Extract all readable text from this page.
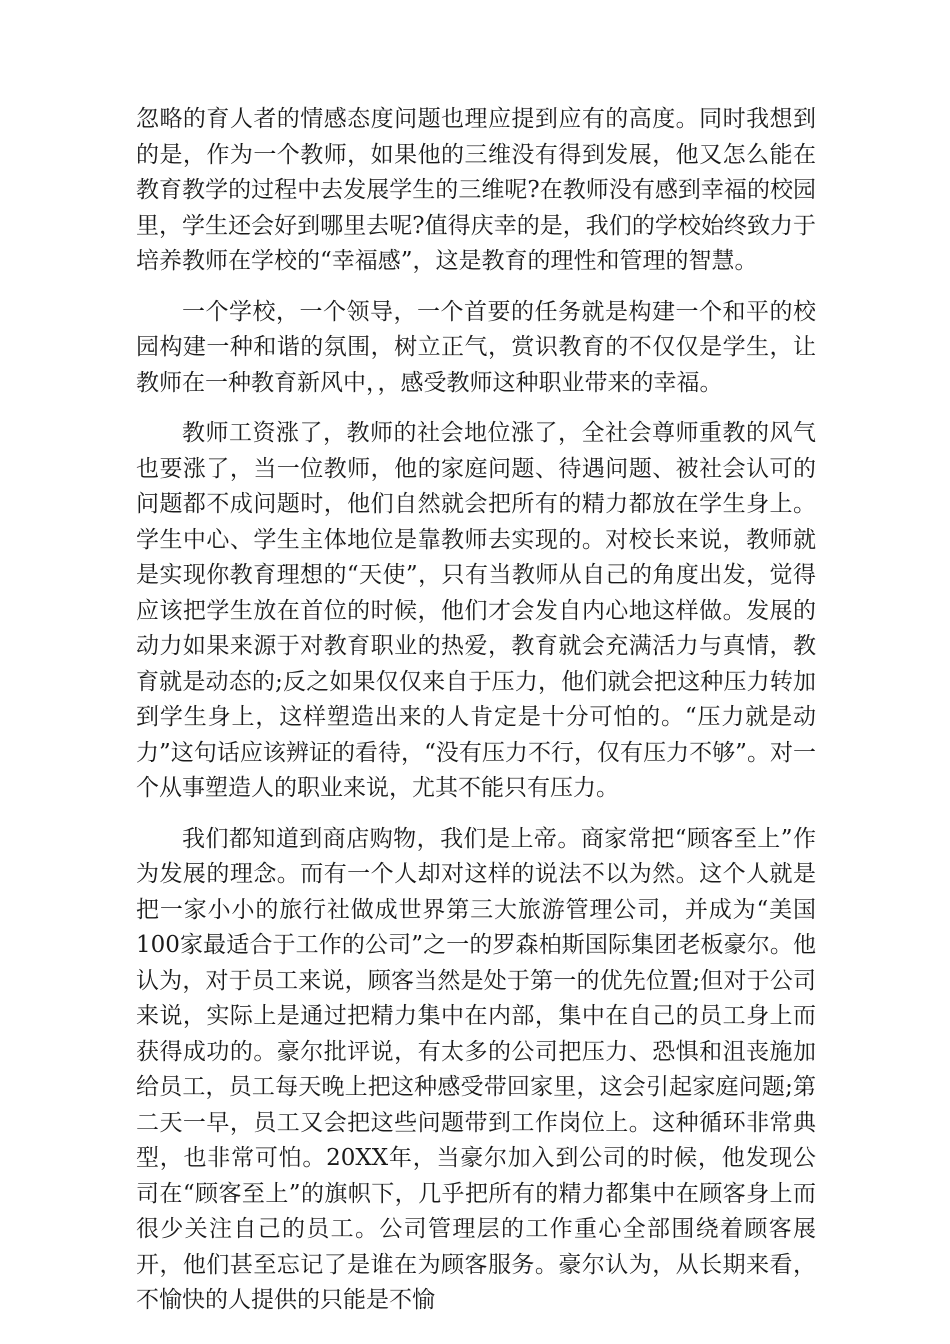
忽略的育人者的情感态度问题也理应提到应有的高度。同时我想到的是，作为一个教师，如果他的三维没有得到发展，他又怎么能在教育教学的过程中去发展学生的三维呢?在教师没有感到幸福的校园里，学生还会好到哪里去呢?值得庆幸的是，我们的学校始终致力于培养教师在学校的“幸福感”，这是教育的理性和管理的智慧。

一个学校，一个领导，一个首要的任务就是构建一个和平的校园构建一种和谐的氛围，树立正气，赏识教育的不仅仅是学生，让教师在一种教育新风中，，感受教师这种职业带来的幸福。

教师工资涨了，教师的社会地位涨了，全社会尊师重教的风气也要涨了，当一位教师，他的家庭问题、待遇问题、被社会认可的问题都不成问题时，他们自然就会把所有的精力都放在学生身上。学生中心、学生主体地位是靠教师去实现的。对校长来说，教师就是实现你教育理想的“天使”，只有当教师从自己的角度出发，觉得应该把学生放在首位的时候，他们才会发自内心地这样做。发展的动力如果来源于对教育职业的热爱，教育就会充满活力与真情，教育就是动态的;反之如果仅仅来自于压力，他们就会把这种压力转加到学生身上，这样塑造出来的人肯定是十分可怕的。“压力就是动力”这句话应该辨证的看待，“没有压力不行，仅有压力不够”。对一个从事塑造人的职业来说，尤其不能只有压力。

我们都知道到商店购物，我们是上帝。商家常把“顾客至上”作为发展的理念。而有一个人却对这样的说法不以为然。这个人就是把一家小小的旅行社做成世界第三大旅游管理公司，并成为“美国100家最适合于工作的公司”之一的罗森柏斯国际集团老板豪尔。他认为，对于员工来说，顾客当然是处于第一的优先位置;但对于公司来说，实际上是通过把精力集中在内部，集中在自己的员工身上而获得成功的。豪尔批评说，有太多的公司把压力、恐惧和沮丧施加给员工，员工每天晚上把这种感受带回家里，这会引起家庭问题;第二天一早，员工又会把这些问题带到工作岗位上。这种循环非常典型，也非常可怕。20XX年，当豪尔加入到公司的时候，他发现公司在“顾客至上”的旗帜下，几乎把所有的精力都集中在顾客身上而很少关注自己的员工。公司管理层的工作重心全部围绕着顾客展开，他们甚至忘记了是谁在为顾客服务。豪尔认为，从长期来看，不愉快的人提供的只能是不愉
